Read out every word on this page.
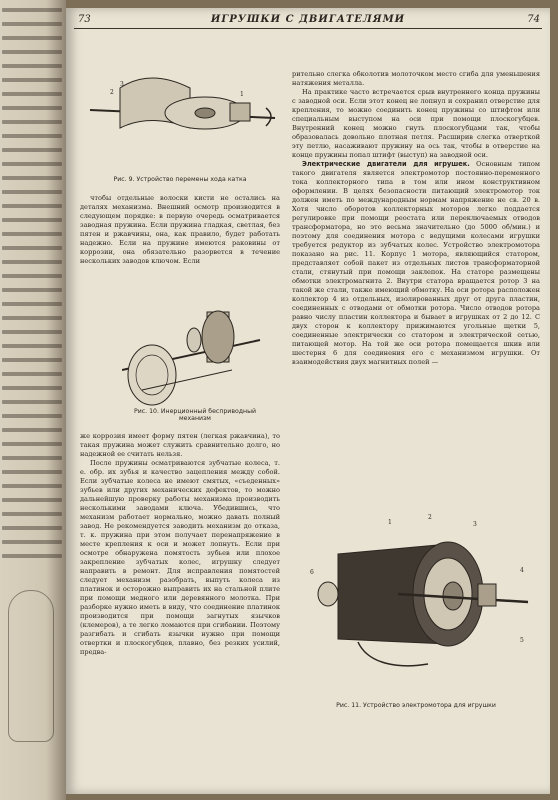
73	ИГРУШКИ С ДВИГАТЕЛЯМИ	74
2
3
1
Рис. 9. Устройство перемены хода катка

чтобы отдельные волоски кисти не остались на деталях механизма. Внешний осмотр производится в следующем порядке: в первую очередь осматривается заводная пружина. Если пружина гладкая, светлая, без пятен и ржавчины, она, как правило, будет работать надежно. Если на пружине имеются раковины от коррозии, она обязательно разорвется в течение нескольких заводов ключом. Если

Рис. 10. Инерционный бесприводный механизм

же коррозия имеет форму пятен (легкая ржавчина), то такая пружина может служить сравнительно долго, но надежной ее считать нельзя.

После пружины осматриваются зубчатые колеса, т. е. обр. их зубья и качество зацепления между собой. Если зубчатые колеса не имеют смятых, «съеденных» зубьев или других механических дефектов, то можно дальнейшую проверку работы механизма производить несколькими заводами ключа. Убедившись, что механизм работает нормально, можно давать полный завод. Не рекомендуется заводить механизм до отказа, т. к. пружина при этом получает перенапряжение в месте крепления к оси и может лопнуть. Если при осмотре обнаружена помятость зубьев или плохое закрепление зубчатых колес, игрушку следует направить в ремонт. Для исправления помятостей следует механизм разобрать, выпуть колеса из платинок и осторожно выправить их на стальной плите при помощи медного или деревянного молотка. При разборке нужно иметь в виду, что соединение платинок производится при помощи загнутых язычков (клемеров), а те легко ломаются при сгибании. Поэтому разгибать и сгибать язычки нужно при помощи отвертки и плоскогубцев, плавно, без резких усилий, предва-

рительно слегка обколотив молоточком место сгиба для уменьшения натяжения металла.

На практике часто встречается срыв внутреннего конца пружины с заводной оси. Если этот конец не лопнул и сохранил отверстие для крепления, то можно соединить конец пружины со штифтом или специальным выступом на оси при помощи плоскогубцев. Внутренний конец можно гнуть плоскогубцами так, чтобы образовалась довольно плотная петля. Расширив слегка отверткой эту петлю, насаживают пружину на ось так, чтобы в отверстие на конце пружины попал штифт (выступ) на заводной оси.

Электрические двигатели для игрушек. Основным типом такого двигателя является электромотор постоянно-переменного тока коллекторного типа в том или ином конструктивном оформлении. В целях безопасности питающий электромотор ток должен иметь по международным нормам напряжение не св. 20 в. Хотя число оборотов коллекторных моторов легко поддается регулировке при помощи реостата или переключаемых отводов трансформатора, но это весьма значительно (до 5000 об/мин.) и поэтому для соединения мотора с ведущими колесами игрушки требуется редуктор из зубчатых колес. Устройство электромотора показано на рис. 11. Корпус 1 мотора, являющийся статором, представляет собой пакет из отдельных листов трансформаторной стали, стянутый при помощи заклепок. На статоре размещены обмотки электромагнита 2. Внутри статора вращается ротор 3 на такой же стали, также имеющий обмотку. На оси ротора расположен коллектор 4 из отдельных, изолированных друг от друга пластин, соединенных с отводами от обмотки ротора. Число отводов ротора равно числу пластин коллектора и бывает в игрушках от 2 до 12. С двух сторон к коллектору прижимаются угольные щетки 5, соединенные электрически со статором и электрической сетью, питающей мотор. На той же оси ротора помещается шкив или шестерня 6 для соединения его с механизмом игрушки. От взаимодействия двух магнитных полей —

1
2
3
4
5
6
Рис. 11. Устройство электромотора для игрушки
